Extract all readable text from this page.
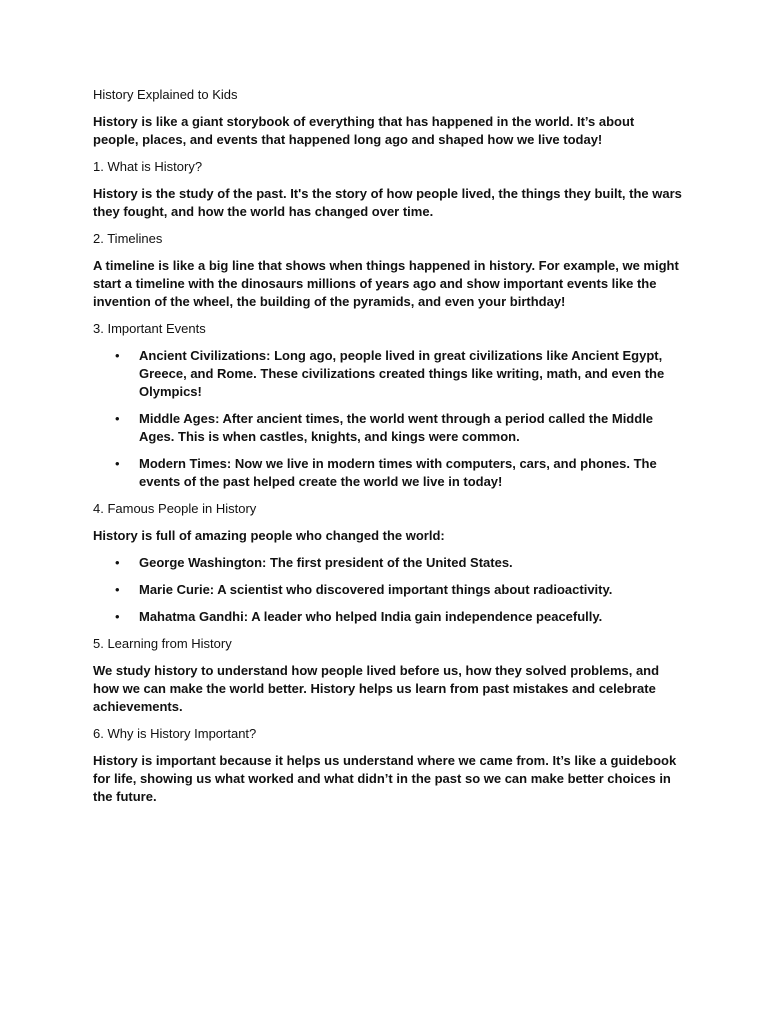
History Explained to Kids

History is like a giant storybook of everything that has happened in the world. It’s about people, places, and events that happened long ago and shaped how we live today!

1. What is History?

History is the study of the past. It's the story of how people lived, the things they built, the wars they fought, and how the world has changed over time.

2. Timelines

A timeline is like a big line that shows when things happened in history. For example, we might start a timeline with the dinosaurs millions of years ago and show important events like the invention of the wheel, the building of the pyramids, and even your birthday!

3. Important Events

• Ancient Civilizations: Long ago, people lived in great civilizations like Ancient Egypt, Greece, and Rome. These civilizations created things like writing, math, and even the Olympics!
• Middle Ages: After ancient times, the world went through a period called the Middle Ages. This is when castles, knights, and kings were common.
• Modern Times: Now we live in modern times with computers, cars, and phones. The events of the past helped create the world we live in today!

4. Famous People in History

History is full of amazing people who changed the world:

• George Washington: The first president of the United States.
• Marie Curie: A scientist who discovered important things about radioactivity.
• Mahatma Gandhi: A leader who helped India gain independence peacefully.

5. Learning from History

We study history to understand how people lived before us, how they solved problems, and how we can make the world better. History helps us learn from past mistakes and celebrate achievements.

6. Why is History Important?

History is important because it helps us understand where we came from. It’s like a guidebook for life, showing us what worked and what didn’t in the past so we can make better choices in the future.
